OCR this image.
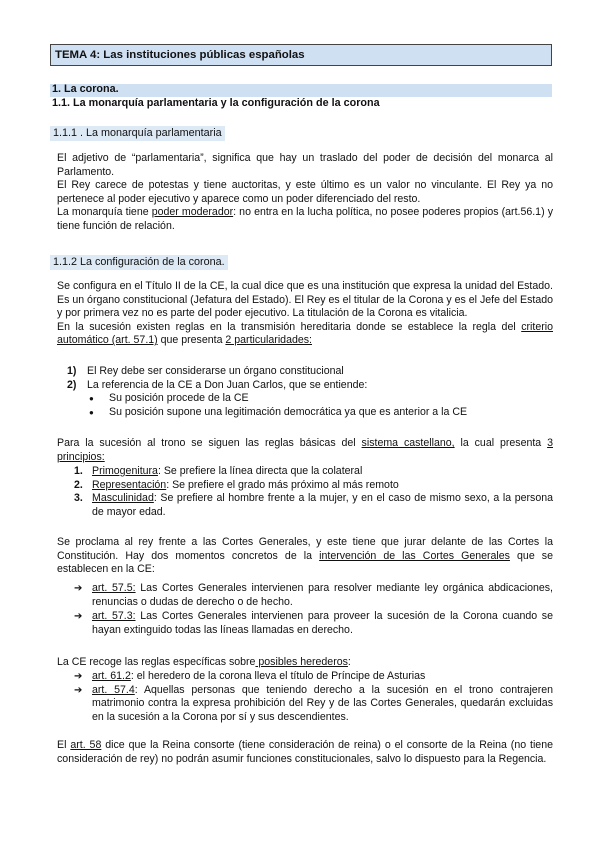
TEMA 4: Las instituciones públicas españolas
1. La corona.
1.1. La monarquía parlamentaria y la configuración de la corona
1.1.1 . La monarquía parlamentaria

El adjetivo de “parlamentaria”, significa que hay un traslado del poder de decisión del monarca al Parlamento.

El Rey carece de potestas y tiene auctoritas, y este último es un valor no vinculante. El Rey ya no pertenece al poder ejecutivo y aparece como un poder diferenciado del resto.

La monarquía tiene poder moderador: no entra en la lucha política, no posee poderes propios (art.56.1) y tiene función de relación.

1.1.2 La configuración de la corona.

Se configura en el Título II de la CE, la cual dice que es una institución que expresa la unidad del Estado. Es un órgano constitucional (Jefatura del Estado). El Rey es el titular de la Corona y es el Jefe del Estado y por primera vez no es parte del poder ejecutivo. La titulación de la Corona es vitalicia.

En la sucesión existen reglas en la transmisión hereditaria donde se establece la regla del criterio automático (art. 57.1) que presenta 2 particularidades:

1) El Rey debe ser considerarse un órgano constitucional
2) La referencia de la CE a Don Juan Carlos, que se entiende:
● Su posición procede de la CE
● Su posición supone una legitimación democrática ya que es anterior a la CE

Para la sucesión al trono se siguen las reglas básicas del sistema castellano, la cual presenta 3 principios:

1. Primogenitura: Se prefiere la línea directa que la colateral
2. Representación: Se prefiere el grado más próximo al más remoto
3. Masculinidad: Se prefiere al hombre frente a la mujer, y en el caso de mismo sexo, a la persona de mayor edad.

Se proclama al rey frente a las Cortes Generales, y este tiene que jurar delante de las Cortes la Constitución. Hay dos momentos concretos de la intervención de las Cortes Generales que se establecen en la CE:

➔ art. 57.5: Las Cortes Generales intervienen para resolver mediante ley orgánica abdicaciones, renuncias o dudas de derecho o de hecho.
➔ art. 57.3: Las Cortes Generales intervienen para proveer la sucesión de la Corona cuando se hayan extinguido todas las líneas llamadas en derecho.

La CE recoge las reglas específicas sobre posibles herederos:

➔ art. 61.2: el heredero de la corona lleva el título de Príncipe de Asturias
➔ art. 57.4: Aquellas personas que teniendo derecho a la sucesión en el trono contrajeren matrimonio contra la expresa prohibición del Rey y de las Cortes Generales, quedarán excluidas en la sucesión a la Corona por sí y sus descendientes.

El art. 58 dice que la Reina consorte (tiene consideración de reina) o el consorte de la Reina (no tiene consideración de rey) no podrán asumir funciones constitucionales, salvo lo dispuesto para la Regencia.
